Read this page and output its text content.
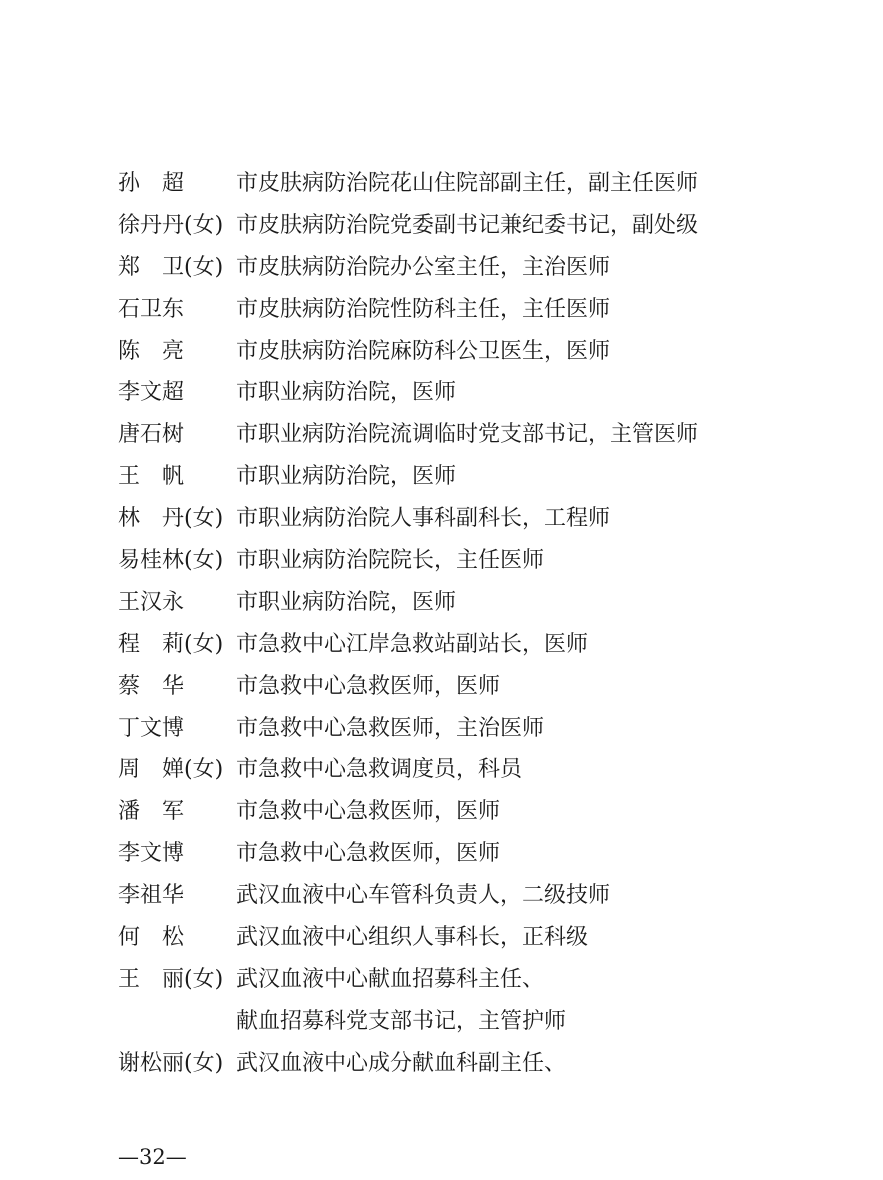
孙　超	市皮肤病防治院花山住院部副主任，副主任医师
徐丹丹(女) 市皮肤病防治院党委副书记兼纪委书记，副处级
郑　卫(女) 市皮肤病防治院办公室主任，主治医师
石卫东	市皮肤病防治院性防科主任，主任医师
陈　亮	市皮肤病防治院麻防科公卫医生，医师
李文超	市职业病防治院，医师
唐石树	市职业病防治院流调临时党支部书记，主管医师
王　帆	市职业病防治院，医师
林　丹(女) 市职业病防治院人事科副科长，工程师
易桂林(女) 市职业病防治院院长，主任医师
王汉永	市职业病防治院，医师
程　莉(女) 市急救中心江岸急救站副站长，医师
蔡　华	市急救中心急救医师，医师
丁文博	市急救中心急救医师，主治医师
周　婵(女) 市急救中心急救调度员，科员
潘　军	市急救中心急救医师，医师
李文博	市急救中心急救医师，医师
李祖华	武汉血液中心车管科负责人，二级技师
何　松	武汉血液中心组织人事科长，正科级
王　丽(女) 武汉血液中心献血招募科主任、
献血招募科党支部书记，主管护师
谢松丽(女) 武汉血液中心成分献血科副主任、
—32—
